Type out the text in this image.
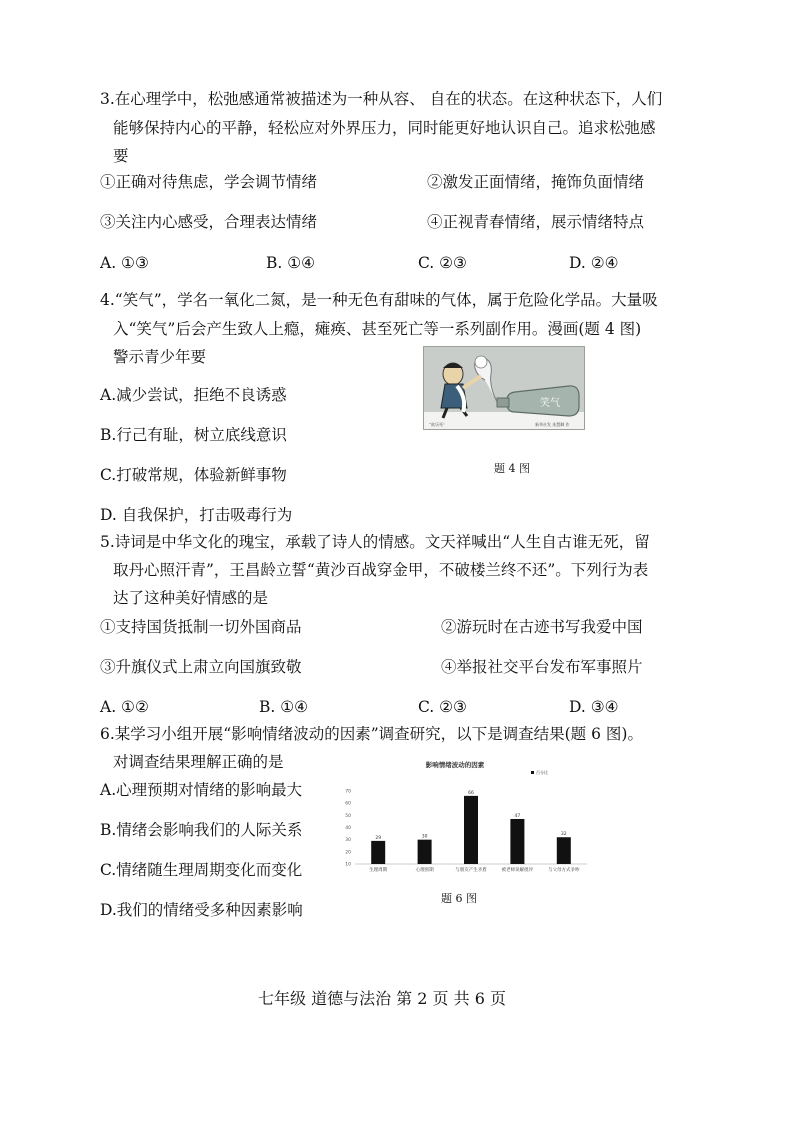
3.在心理学中，松弛感通常被描述为一种从容、 自在的状态。在这种状态下，人们
能够保持内心的平静，轻松应对外界压力，同时能更好地认识自己。追求松弛感
要
①正确对待焦虑，学会调节情绪	②激发正面情绪，掩饰负面情绪
③关注内心感受，合理表达情绪	④正视青春情绪，展示情绪特点
A. ①③	B. ①④	C. ②③	D. ②④
4.“笑气”，学名一氧化二氮，是一种无色有甜味的气体，属于危险化学品。大量吸
入“笑气”后会产生致人上瘾，瘫痪、甚至死亡等一系列副作用。漫画(题 4 图)
警示青少年要
A.减少尝试，拒绝不良诱惑
B.行己有耻，树立底线意识
C.打破常规，体验新鲜事物
D. 自我保护，打击吸毒行为
笑气
“欲乐死”	新华社发 朱慧卿 作
题 4 图
5.诗词是中华文化的瑰宝，承载了诗人的情感。文天祥喊出“人生自古谁无死，留
取丹心照汗青”，王昌龄立誓“黄沙百战穿金甲，不破楼兰终不还”。下列行为表
达了这种美好情感的是
①支持国货抵制一切外国商品	②游玩时在古迹书写我爱中国
③升旗仪式上肃立向国旗致敬	④举报社交平台发布军事照片
A. ①②	B. ①④	C. ②③	D. ③④
6.某学习小组开展“影响情绪波动的因素”调查研究，以下是调查结果(题 6 图)。
对调查结果理解正确的是
A.心理预期对情绪的影响最大
B.情绪会影响我们的人际关系
C.情绪随生理周期变化而变化
D.我们的情绪受多种因素影响
影响情绪波动的因素
百分比
10
20
30
40
50
60
70
29
生理周期
30
心理预期
66
与朋友产生矛盾
47
被老师误解批评
32
与父母方式争吵
题 6 图
七年级 道德与法治 第 2 页 共 6 页
